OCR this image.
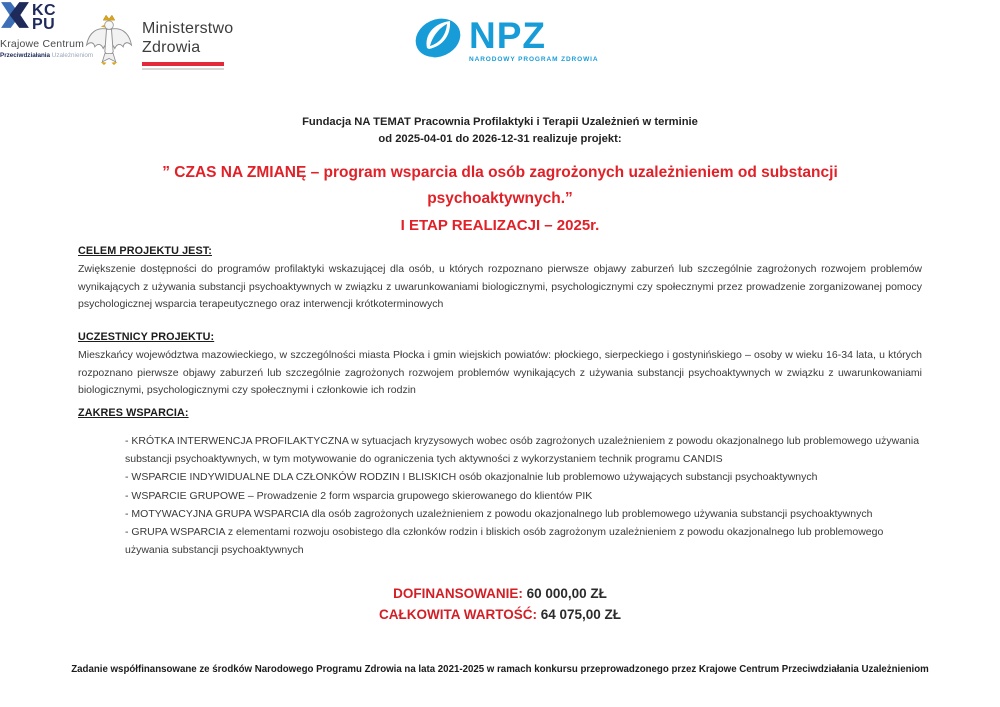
Ministerstwo
Zdrowia	NPZ
NARODOWY PROGRAM ZDROWIA
KC
PU
Krajowe Centrum
Przeciwdziałania Uzależnieniom
Fundacja NA TEMAT Pracownia Profilaktyki i Terapii Uzależnień w terminie
od 2025-04-01 do 2026-12-31 realizuje projekt:
” CZAS NA ZMIANĘ – program wsparcia dla osób zagrożonych uzależnieniem od substancji psychoaktywnych.”
I ETAP REALIZACJI – 2025r.
CELEM PROJEKTU JEST:
Zwiększenie dostępności do programów profilaktyki wskazującej dla osób, u których rozpoznano pierwsze objawy zaburzeń lub szczególnie zagrożonych rozwojem problemów wynikających z używania substancji psychoaktywnych w związku z uwarunkowaniami biologicznymi, psychologicznymi czy społecznymi przez prowadzenie zorganizowanej pomocy psychologicznej wsparcia terapeutycznego oraz interwencji krótkoterminowych
UCZESTNICY PROJEKTU:
Mieszkańcy województwa mazowieckiego, w szczególności miasta Płocka i gmin wiejskich powiatów: płockiego, sierpeckiego i gostynińskiego – osoby w wieku 16-34 lata, u których rozpoznano pierwsze objawy zaburzeń lub szczególnie zagrożonych rozwojem problemów wynikających z używania substancji psychoaktywnych w związku z uwarunkowaniami biologicznymi, psychologicznymi czy społecznymi i członkowie ich rodzin
ZAKRES WSPARCIA:
- KRÓTKA INTERWENCJA PROFILAKTYCZNA w sytuacjach kryzysowych wobec osób zagrożonych uzależnieniem z powodu okazjonalnego lub problemowego używania substancji psychoaktywnych, w tym motywowanie do ograniczenia tych aktywności z wykorzystaniem technik programu CANDIS
- WSPARCIE INDYWIDUALNE DLA CZŁONKÓW RODZIN I BLISKICH osób okazjonalnie lub problemowo używających substancji psychoaktywnych
- WSPARCIE GRUPOWE – Prowadzenie 2 form wsparcia grupowego skierowanego do klientów PIK
- MOTYWACYJNA GRUPA WSPARCIA dla osób zagrożonych uzależnieniem z powodu okazjonalnego lub problemowego używania substancji psychoaktywnych
- GRUPA WSPARCIA z elementami rozwoju osobistego dla członków rodzin i bliskich osób zagrożonym uzależnieniem z powodu okazjonalnego lub problemowego używania substancji psychoaktywnych
DOFINANSOWANIE: 60 000,00 ZŁ
CAŁKOWITA WARTOŚĆ: 64 075,00 ZŁ
Zadanie współfinansowane ze środków Narodowego Programu Zdrowia na lata 2021-2025 w ramach konkursu przeprowadzonego przez Krajowe Centrum Przeciwdziałania Uzależnieniom
